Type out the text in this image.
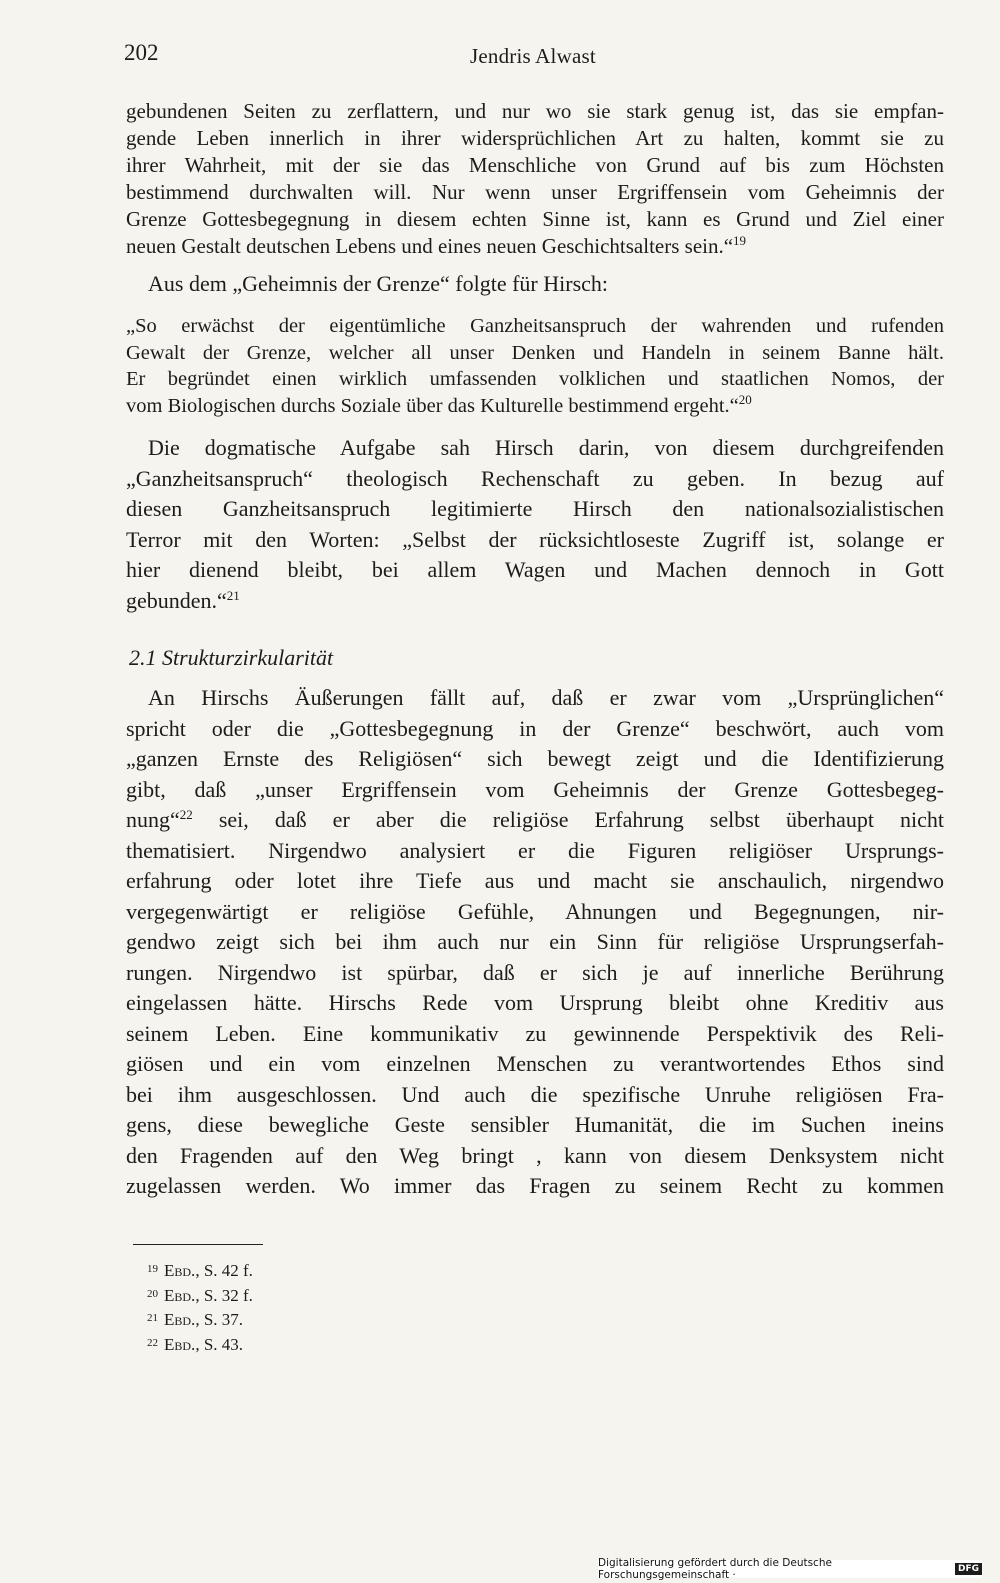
202	Jendris Alwast
gebundenen Seiten zu zerflattern, und nur wo sie stark genug ist, das sie empfan-
gende Leben innerlich in ihrer widersprüchlichen Art zu halten, kommt sie zu
ihrer Wahrheit, mit der sie das Menschliche von Grund auf bis zum Höchsten
bestimmend durchwalten will. Nur wenn unser Ergriffensein vom Geheimnis der
Grenze Gottesbegegnung in diesem echten Sinne ist, kann es Grund und Ziel einer
neuen Gestalt deutschen Lebens und eines neuen Geschichtsalters sein.“$^{19}$
Aus dem „Geheimnis der Grenze“ folgte für Hirsch:
„So erwächst der eigentümliche Ganzheitsanspruch der wahrenden und rufenden
Gewalt der Grenze, welcher all unser Denken und Handeln in seinem Banne hält.
Er begründet einen wirklich umfassenden volklichen und staatlichen Nomos, der
vom Biologischen durchs Soziale über das Kulturelle bestimmend ergeht.“$^{20}$
Die dogmatische Aufgabe sah Hirsch darin, von diesem durchgreifenden
„Ganzheitsanspruch“ theologisch Rechenschaft zu geben. In bezug auf
diesen Ganzheitsanspruch legitimierte Hirsch den nationalsozialistischen
Terror mit den Worten: „Selbst der rücksichtloseste Zugriff ist, solange er
hier dienend bleibt, bei allem Wagen und Machen dennoch in Gott
gebunden.“$^{21}$
2.1 Strukturzirkularität
An Hirschs Äußerungen fällt auf, daß er zwar vom „Ursprünglichen“
spricht oder die „Gottesbegegnung in der Grenze“ beschwört, auch vom
„ganzen Ernste des Religiösen“ sich bewegt zeigt und die Identifizierung
gibt, daß „unser Ergriffensein vom Geheimnis der Grenze Gottesbegeg-
nung“$^{22}$ sei, daß er aber die religiöse Erfahrung selbst überhaupt nicht
thematisiert. Nirgendwo analysiert er die Figuren religiöser Ursprungs-
erfahrung oder lotet ihre Tiefe aus und macht sie anschaulich, nirgendwo
vergegenwärtigt er religiöse Gefühle, Ahnungen und Begegnungen, nir-
gendwo zeigt sich bei ihm auch nur ein Sinn für religiöse Ursprungserfah-
rungen. Nirgendwo ist spürbar, daß er sich je auf innerliche Berührung
eingelassen hätte. Hirschs Rede vom Ursprung bleibt ohne Kreditiv aus
seinem Leben. Eine kommunikativ zu gewinnende Perspektivik des Reli-
giösen und ein vom einzelnen Menschen zu verantwortendes Ethos sind
bei ihm ausgeschlossen. Und auch die spezifische Unruhe religiösen Fra-
gens, diese bewegliche Geste sensibler Humanität, die im Suchen ineins
den Fragenden auf den Weg bringt , kann von diesem Denksystem nicht
zugelassen werden. Wo immer das Fragen zu seinem Recht zu kommen
$^{19}$ Ebd., S. 42 f.
$^{20}$ Ebd., S. 32 f.
$^{21}$ Ebd., S. 37.
$^{22}$ Ebd., S. 43.
Digitalisierung gefördert durch die Deutsche Forschungsgemeinschaft ·	DFG
